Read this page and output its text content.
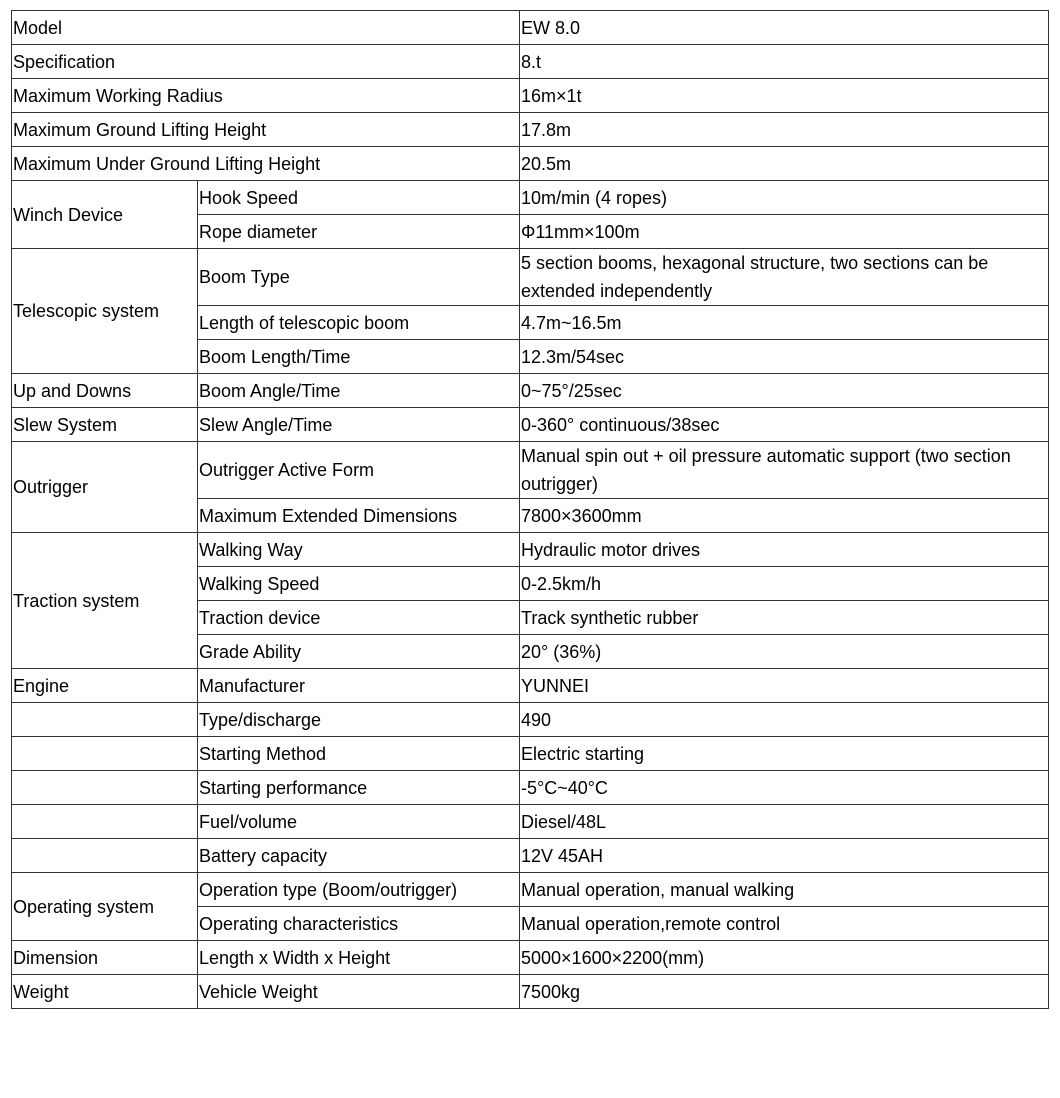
Model		EW 8.0
Specification		8.t
Maximum Working Radius		16m×1t
Maximum Ground Lifting Height		17.8m
Maximum Under Ground Lifting Height		20.5m
Winch Device	Hook Speed	10m/min (4 ropes)
	Rope diameter	Φ11mm×100m
Telescopic system	Boom Type	5 section booms, hexagonal structure, two sections can be extended independently
	Length of telescopic boom	4.7m~16.5m
	Boom Length/Time	12.3m/54sec
Up and Downs	Boom Angle/Time	0~75°/25sec
Slew System	Slew Angle/Time	0-360° continuous/38sec
Outrigger	Outrigger Active Form	Manual spin out + oil pressure automatic support (two section outrigger)
	Maximum Extended Dimensions	7800×3600mm
Traction system	Walking Way	Hydraulic motor drives
	Walking Speed	0-2.5km/h
	Traction device	Track synthetic rubber
	Grade Ability	20° (36%)
Engine	Manufacturer	YUNNEI
	Type/discharge	490
	Starting Method	Electric starting
	Starting performance	-5°C~40°C
	Fuel/volume	Diesel/48L
	Battery capacity	12V 45AH
Operating system	Operation type (Boom/outrigger)	Manual operation, manual walking
	Operating characteristics	Manual operation,remote control
Dimension	Length x Width x Height	5000×1600×2200(mm)
Weight	Vehicle Weight	7500kg
